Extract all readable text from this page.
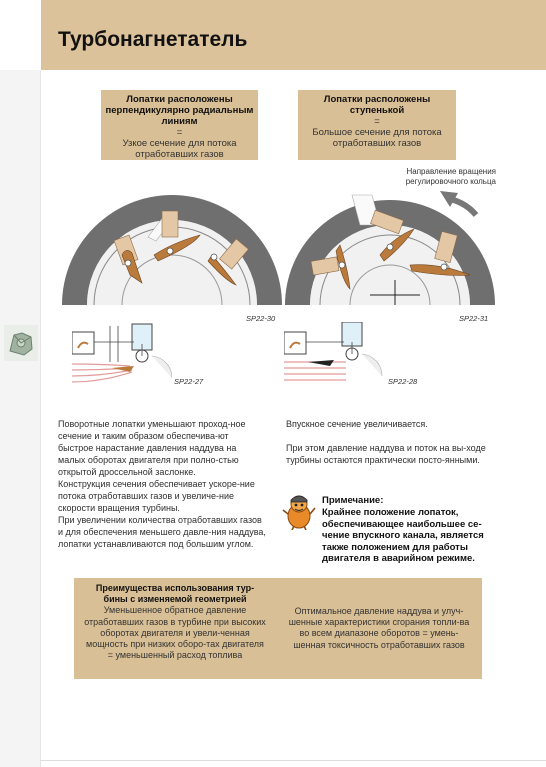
Турбонагнетатель
Лопатки расположены перпендикулярно радиальным линиям
=
Узкое сечение для потока отработавших газов
Лопатки расположены ступенькой
=
Большое сечение для потока отработавших газов
Направление вращения регулировочного кольца
SP22-30	SP22-31
SP22-27	SP22-28

Поворотные лопатки уменьшают проход-ное сечение и таким образом обеспечива-ют быстрое нарастание давления наддува на малых оборотах двигателя при полно-стью открытой дроссельной заслонке.

Конструкция сечения обеспечивает ускоре-ние потока отработавших газов и увеличе-ние скорости вращения турбины.

При увеличении количества отработавших газов и для обеспечения меньшего давле-ния наддува, лопатки устанавливаются под большим углом.

Впускное сечение увеличивается.

При этом давление наддува и поток на вы-ходе турбины остаются практически посто-янными.

Примечание:
Крайнее положение лопаток, обеспечивающее наибольшее се-чение впускного канала, является также положением для работы двигателя в аварийном режиме.
Преимущества использования тур-бины с изменяемой геометрией
Уменьшенное обратное давление отработавших газов в турбине при высоких оборотах двигателя и увели-ченная мощность при низких оборо-тах двигателя = уменьшенный расход топлива
Оптимальное давление наддува и улуч-шенные характеристики сгорания топли-ва во всем диапазоне оборотов = умень-шенная токсичность отработавших газов
